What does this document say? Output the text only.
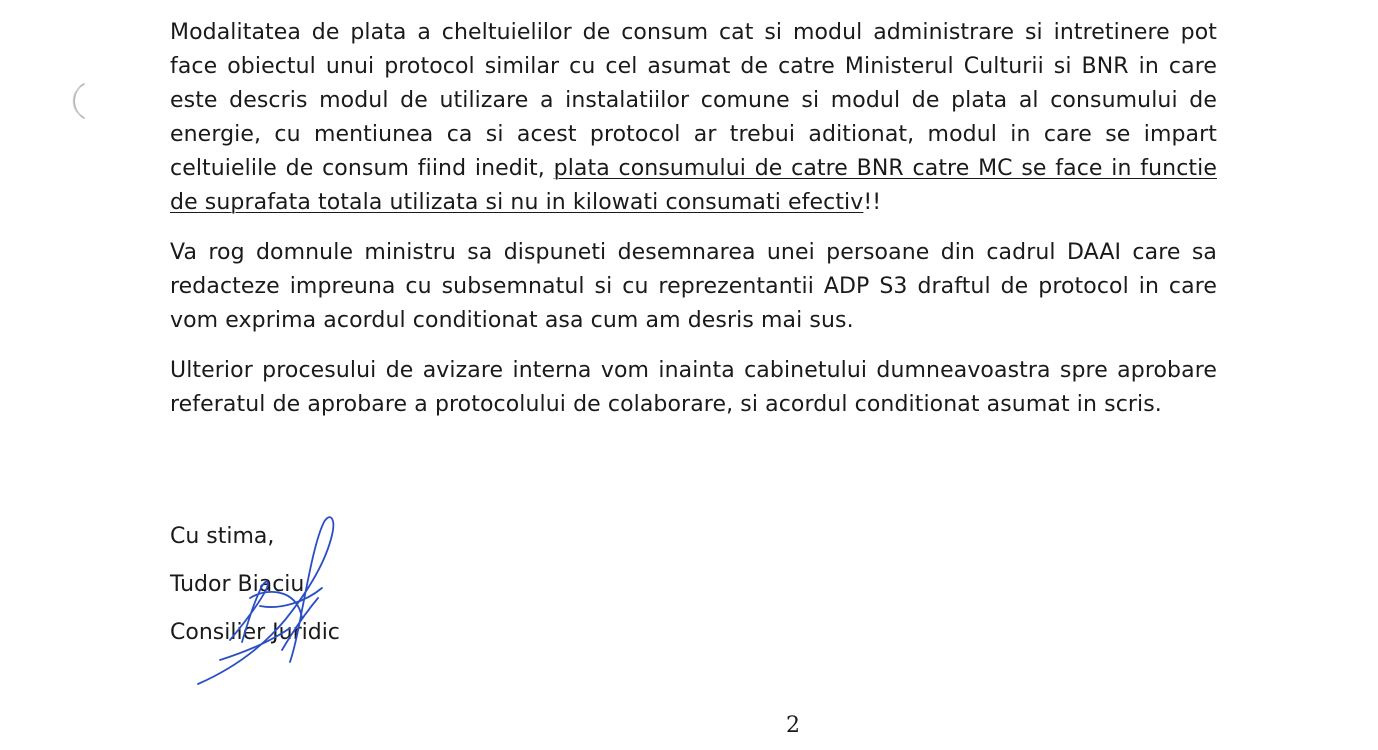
Modalitatea de plata a cheltuielilor de consum cat si modul administrare si intretinere pot face obiectul unui protocol similar cu cel asumat de catre Ministerul Culturii si BNR in care este descris modul de utilizare a instalatiilor comune si modul de plata al consumului de energie, cu mentiunea ca si acest protocol ar trebui aditionat, modul in care se impart celtuielile de consum fiind inedit, plata consumului de catre BNR catre MC se face in functie de suprafata totala utilizata si nu in kilowati consumati efectiv!!

Va rog domnule ministru sa dispuneti desemnarea unei persoane din cadrul DAAI care sa redacteze impreuna cu subsemnatul si cu reprezentantii ADP S3 draftul de protocol in care vom exprima acordul conditionat asa cum am desris mai sus.

Ulterior procesului de avizare interna vom inainta cabinetului dumneavoastra spre aprobare referatul de aprobare a protocolului de colaborare, si acordul conditionat asumat in scris.

Cu stima,
Tudor Biaciu
Consilier Juridic
2
